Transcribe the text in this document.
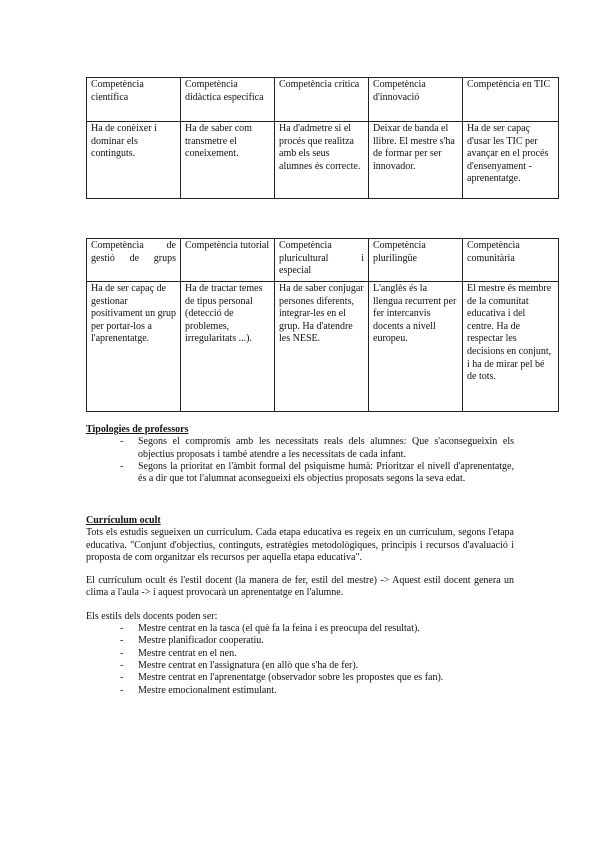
Competència científica	Competència didàctica específica	Competència crítica	Competència d'innovació	Competència en TIC
Ha de conèixer i dominar els continguts.	Ha de saber com transmetre el coneixement.	Ha d'admetre si el procés que realitza amb els seus alumnes és correcte.	Deixar de banda el llibre. El mestre s'ha de formar per ser innovador.	Ha de ser capaç d'usar les TIC per avançar en el procés d'ensenyament - aprenentatge.
Competència de gestió de grups	Competència tutorial	Competència pluricultural i especial	Competència plurilingüe	Competència comunitària
Ha de ser capaç de gestionar positivament un grup per portar-los a l'aprenentatge.	Ha de tractar temes de tipus personal (detecció de problemes, irregularitats ...).	Ha de saber conjugar persones diferents, integrar-les en el grup. Ha d'atendre les NESE.	L'anglès és la llengua recurrent per fer intercanvis docents a nivell europeu.	El mestre és membre de la comunitat educativa i del centre. Ha de respectar les decisions en conjunt, i ha de mirar pel bé de tots.
Tipologies de professors
- Segons el compromís amb les necessitats reals dels alumnes: Que s'aconsegueixin els objectius proposats i també atendre a les necessitats de cada infant.
- Segons la prioritat en l'àmbit formal del psiquisme humà: Prioritzar el nivell d'aprenentatge, és a dir que tot l'alumnat aconsegueixi els objectius proposats segons la seva edat.
Currículum ocult

Tots els estudis segueixen un currículum. Cada etapa educativa es regeix en un currículum, segons l'etapa educativa. "Conjunt d'objectius, continguts, estratègies metodològiques, principis i recursos d'avaluació i proposta de com organitzar els recursos per aquella etapa educativa".

El currículum ocult és l'estil docent (la manera de fer, estil del mestre) -> Aquest estil docent genera un clima a l'aula -> i aquest provocarà un aprenentatge en l'alumne.

Els estils dels docents poden ser:

- Mestre centrat en la tasca (el què fa la feina i es preocupa del resultat).
- Mestre planificador cooperatiu.
- Mestre centrat en el nen.
- Mestre centrat en l'assignatura (en allò que s'ha de fer).
- Mestre centrat en l'aprenentatge (observador sobre les propostes que es fan).
- Mestre emocionalment estimulant.
